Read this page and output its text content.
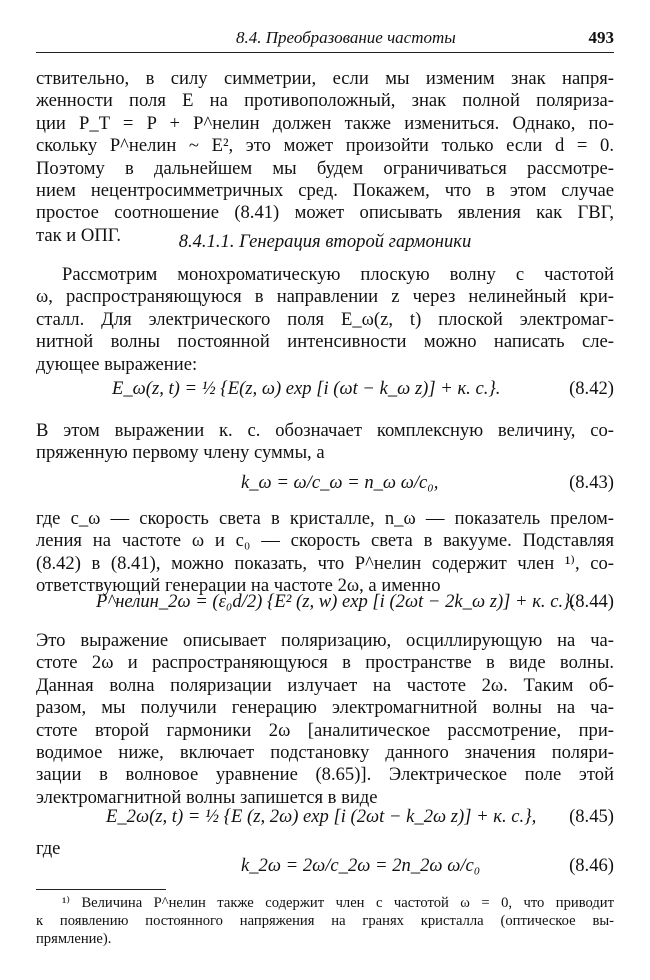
8.4. Преобразование частоты	493
ствительно, в силу симметрии, если мы изменим знак напря-
женности поля E на противоположный, знак полной поляриза-
ции P_T = P + P^нелин должен также измениться. Однако, по-
скольку P^нелин ~ E², это может произойти только если d = 0.
Поэтому в дальнейшем мы будем ограничиваться рассмотре-
нием нецентросимметричных сред. Покажем, что в этом случае
простое соотношение (8.41) может описывать явления как ГВГ,
так и ОПГ.	8.4.1.1. Генерация второй гармоники
Рассмотрим монохроматическую плоскую волну с частотой
ω, распространяющуюся в направлении z через нелинейный кри-
сталл. Для электрического поля E_ω(z, t) плоской электромаг-
нитной волны постоянной интенсивности можно написать сле-
дующее выражение:
E_ω(z, t) = ½ {E(z, ω) exp [i (ωt − k_ω z)] + к. с.}.	(8.42)
В этом выражении к. с. обозначает комплексную величину, со-
пряженную первому члену суммы, а
k_ω = ω/c_ω = n_ω ω/c₀,	(8.43)
где c_ω — скорость света в кристалле, n_ω — показатель прелом-
ления на частоте ω и c₀ — скорость света в вакууме. Подставляя
(8.42) в (8.41), можно показать, что P^нелин содержит член ¹⁾, со-
ответствующий генерации на частоте 2ω, а именно
P^нелин_2ω = (ε₀d/2) {E² (z, w) exp [i (2ωt − 2k_ω z)] + к. с.}.
(8.44)
Это выражение описывает поляризацию, осциллирующую на ча-
стоте 2ω и распространяющуюся в пространстве в виде волны.
Данная волна поляризации излучает на частоте 2ω. Таким об-
разом, мы получили генерацию электромагнитной волны на ча-
стоте второй гармоники 2ω [аналитическое рассмотрение, при-
водимое ниже, включает подстановку данного значения поляри-
зации в волновое уравнение (8.65)]. Электрическое поле этой
электромагнитной волны запишется в виде
E_2ω(z, t) = ½ {E (z, 2ω) exp [i (2ωt − k_2ω z)] + к. с.}, (8.45)
где
k_2ω = 2ω/c_2ω = 2n_2ω ω/c₀	(8.46)
¹⁾ Величина P^нелин также содержит член с частотой ω = 0, что приводит
к появлению постоянного напряжения на гранях кристалла (оптическое вы-
прямление).
